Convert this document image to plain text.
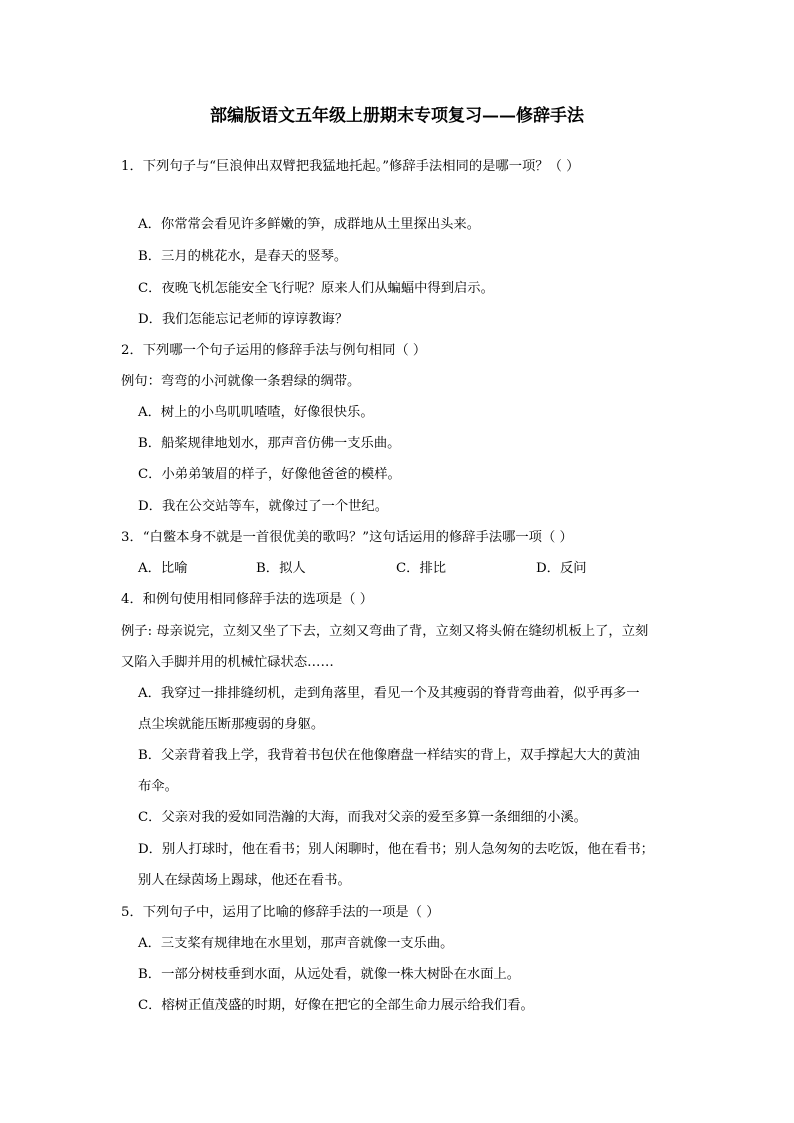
部编版语文五年级上册期末专项复习——修辞手法
1．下列句子与“巨浪伸出双臂把我猛地托起。”修辞手法相同的是哪一项？（ ）
A．你常常会看见许多鲜嫩的笋，成群地从土里探出头来。
B．三月的桃花水，是春天的竖琴。
C．夜晚飞机怎能安全飞行呢？原来人们从蝙蝠中得到启示。
D．我们怎能忘记老师的谆谆教诲？
2．下列哪一个句子运用的修辞手法与例句相同（ ）
例句：弯弯的小河就像一条碧绿的绸带。
A．树上的小鸟叽叽喳喳，好像很快乐。
B．船桨规律地划水，那声音仿佛一支乐曲。
C．小弟弟皱眉的样子，好像他爸爸的模样。
D．我在公交站等车，就像过了一个世纪。
3．“白鳖本身不就是一首很优美的歌吗？”这句话运用的修辞手法哪一项（ ）
A．比喻	B．拟人	C．排比	D．反问
4．和例句使用相同修辞手法的选项是（ ）
例子: 母亲说完，立刻又坐了下去，立刻又弯曲了背，立刻又将头俯在缝纫机板上了，立刻
又陷入手脚并用的机械忙碌状态……
A．我穿过一排排缝纫机，走到角落里，看见一个及其瘦弱的脊背弯曲着，似乎再多一
点尘埃就能压断那瘦弱的身躯。
B．父亲背着我上学，我背着书包伏在他像磨盘一样结实的背上，双手撑起大大的黄油
布伞。
C．父亲对我的爱如同浩瀚的大海，而我对父亲的爱至多算一条细细的小溪。
D．别人打球时，他在看书；别人闲聊时，他在看书；别人急匆匆的去吃饭，他在看书；
别人在绿茵场上踢球，他还在看书。
5．下列句子中，运用了比喻的修辞手法的一项是（ ）
A．三支桨有规律地在水里划，那声音就像一支乐曲。
B．一部分树枝垂到水面，从远处看，就像一株大树卧在水面上。
C．榕树正值茂盛的时期，好像在把它的全部生命力展示给我们看。
